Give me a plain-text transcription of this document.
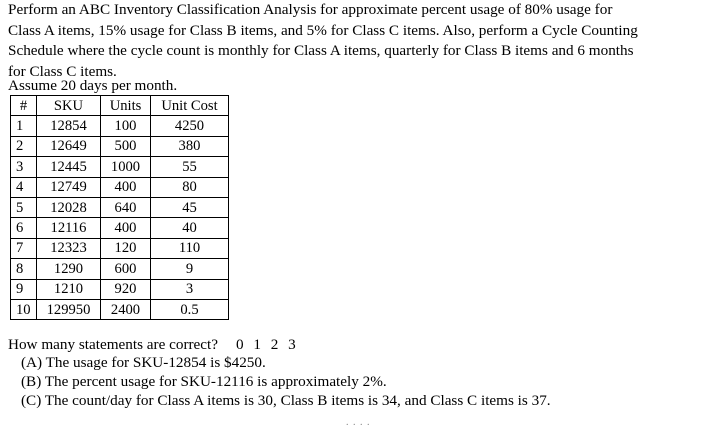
Perform an ABC Inventory Classification Analysis for approximate percent usage of 80% usage for
Class A items, 15% usage for Class B items, and 5% for Class C items. Also, perform a Cycle Counting
Schedule where the cycle count is monthly for Class A items, quarterly for Class B items and 6 months
for Class C items.
Assume 20 days per month.
#	SKU	Units	Unit Cost
1	12854	100	4250
2	12649	500	380
3	12445	1000	55
4	12749	400	80
5	12028	640	45
6	12116	400	40
7	12323	120	110
8	1290	600	9
9	1210	920	3
10	129950	2400	0.5
How many statements are correct? 0 1 2 3
(A) The usage for SKU-12854 is $4250.
(B) The percent usage for SKU-12116 is approximately 2%.
(C) The count/day for Class A items is 30, Class B items is 34, and Class C items is 37.
. . . .
